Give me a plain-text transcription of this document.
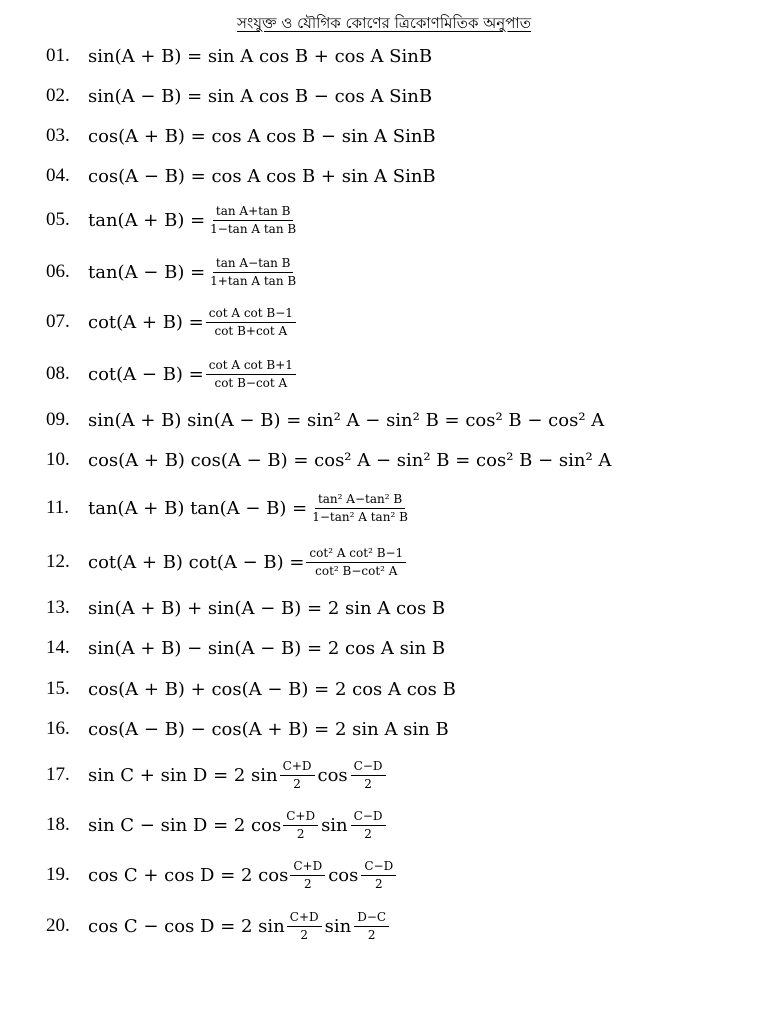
সংযুক্ত ও যৌগিক কোণের ত্রিকোণমিতিক অনুপাত
01.	sin(A + B) = sin A cos B + cos A SinB
02.	sin(A − B) = sin A cos B − cos A SinB
03.	cos(A + B) = cos A cos B − sin A SinB
04.	cos(A − B) = cos A cos B + sin A SinB
05.	$\tan(A + B) = \frac{\text{tan A+tan B}}{\text{1−tan A tan B}}$
06.	$\tan(A - B) = \frac{\text{tan A−tan B}}{\text{1+tan A tan B}}$
07.	$\cot(A + B) = \frac{\text{cot A cot B−1}}{\text{cot B+cot A}}$
08.	$\cot(A - B) = \frac{\text{cot A cot B+1}}{\text{cot B−cot A}}$
09.	sin(A + B) sin(A − B) = sin² A − sin² B = cos² B − cos² A
10.	cos(A + B) cos(A − B) = cos² A − sin² B = cos² B − sin² A
11.	tan(A + B) $\tan(A - B) = \frac{\text{tan² A−tan² B}}{\text{1−tan² A tan² B}}$
12.	cot(A + B) $\cot(A - B) = \frac{\text{cot² A cot² B−1}}{\text{cot² B−cot² A}}$
13.	sin(A + B) + sin(A − B) = 2 sin A cos B
14.	sin(A + B) − sin(A − B) = 2 cos A sin B
15.	cos(A + B) + cos(A − B) = 2 cos A cos B
16.	cos(A − B) − cos(A + B) = 2 sin A sin B
17.	sin C + sin D = 2 $\sin \frac{C+D}{2}$ $\cos \frac{C-D}{2}$
18.	sin C − sin D = 2 $\cos \frac{C+D}{2}$ $\sin \frac{C-D}{2}$
19.	cos C + cos D = 2 $\cos \frac{C+D}{2}$ $\cos \frac{C-D}{2}$
20.	cos C − cos D = 2 $\sin \frac{C+D}{2}$ $\sin \frac{D-C}{2}$
